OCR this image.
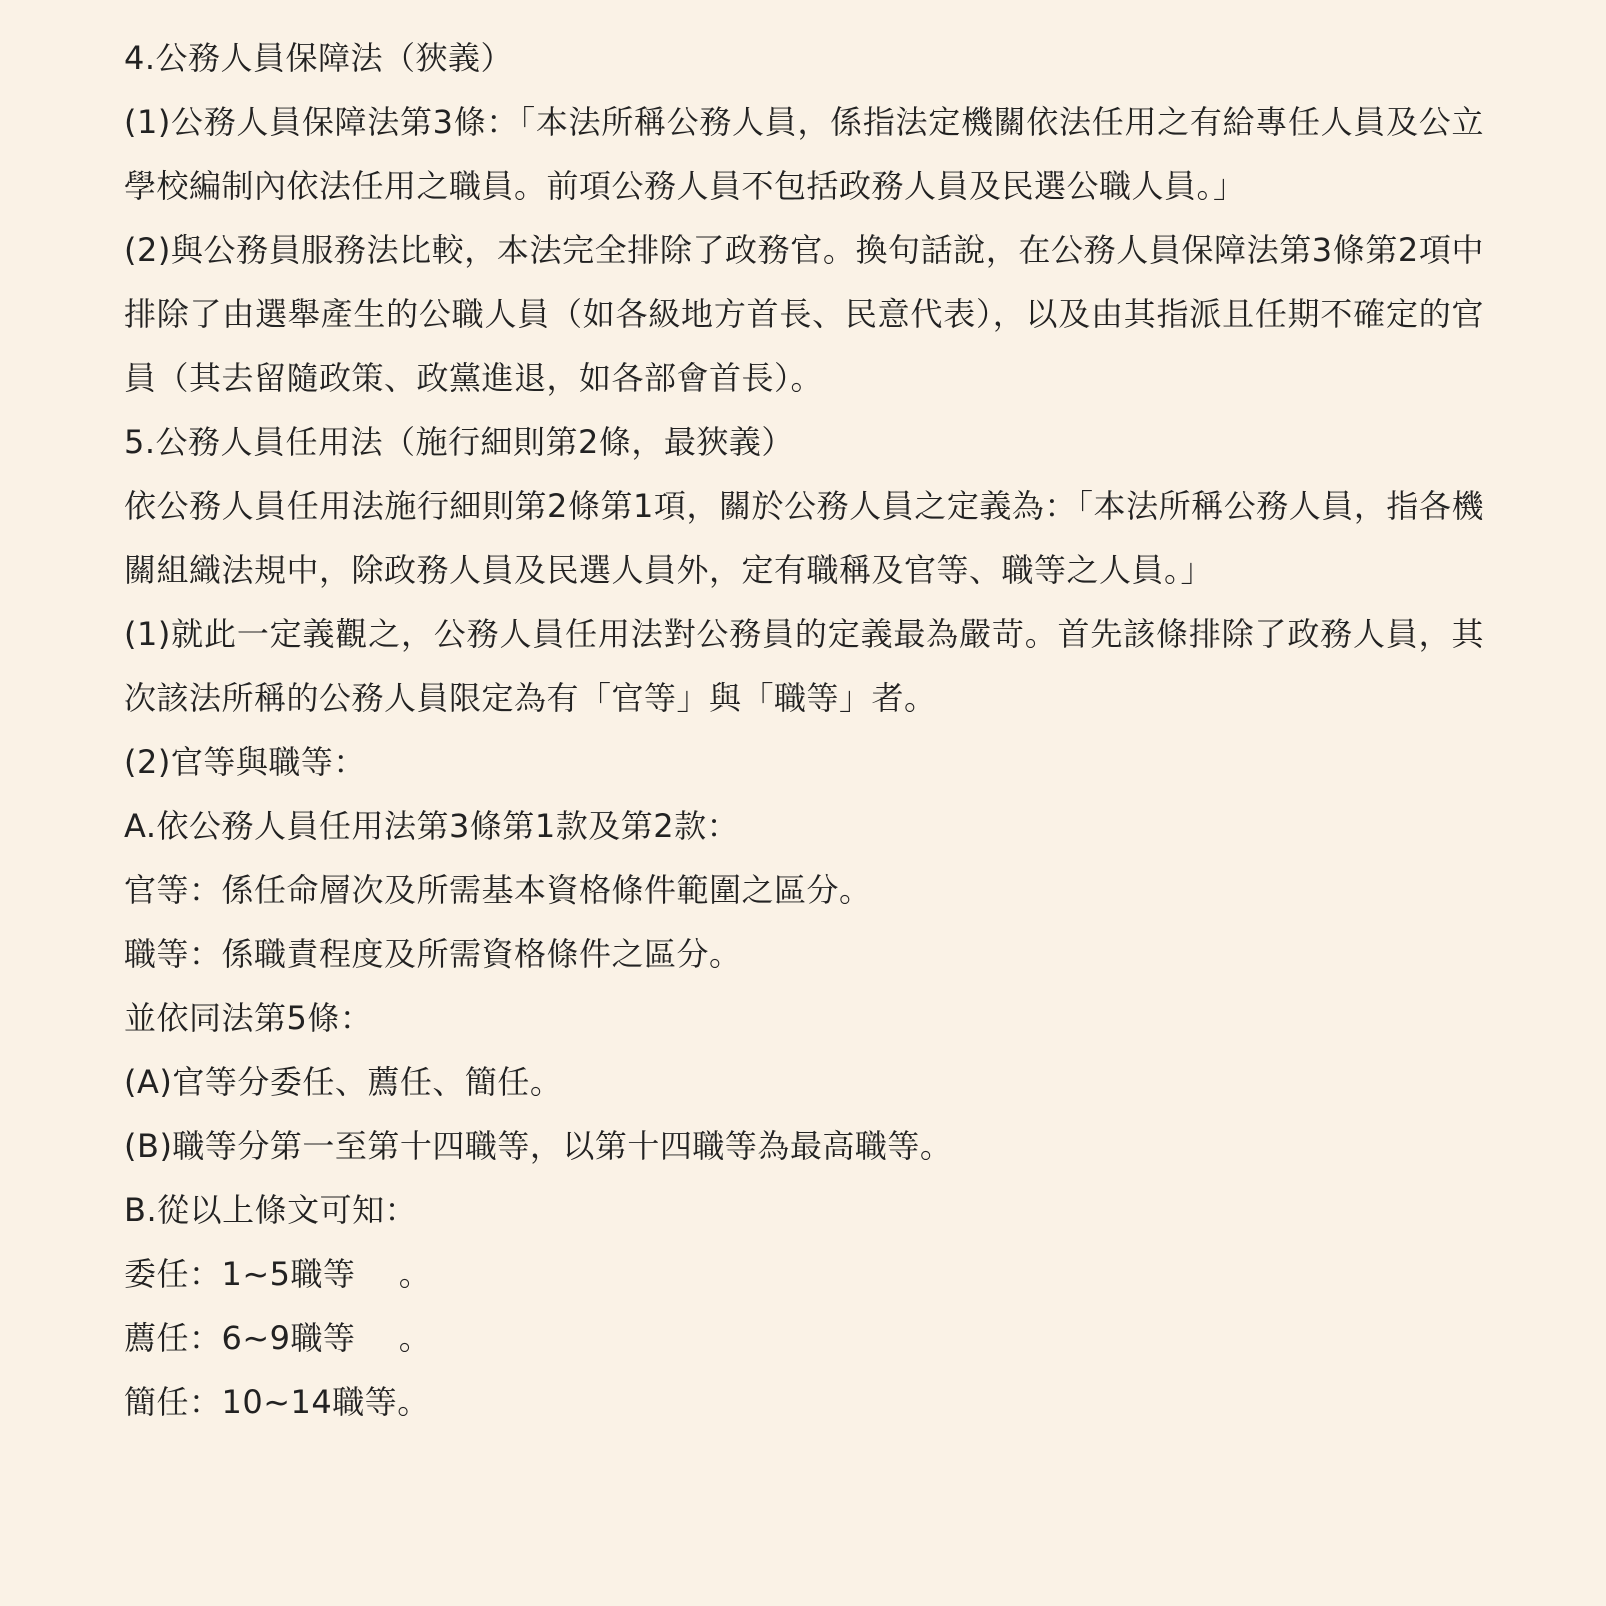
4.公務人員保障法（狹義）

(1)公務人員保障法第3條：「本法所稱公務人員，係指法定機關依法任用之有給專任人員及公立學校編制內依法任用之職員。前項公務人員不包括政務人員及民選公職人員。」

(2)與公務員服務法比較，本法完全排除了政務官。換句話說，在公務人員保障法第3條第2項中排除了由選舉產生的公職人員（如各級地方首長、民意代表），以及由其指派且任期不確定的官員（其去留隨政策、政黨進退，如各部會首長）。

5.公務人員任用法（施行細則第2條，最狹義）

依公務人員任用法施行細則第2條第1項，關於公務人員之定義為：「本法所稱公務人員，指各機關組織法規中，除政務人員及民選人員外，定有職稱及官等、職等之人員。」

(1)就此一定義觀之，公務人員任用法對公務員的定義最為嚴苛。首先該條排除了政務人員，其次該法所稱的公務人員限定為有「官等」與「職等」者。

(2)官等與職等：

A.依公務人員任用法第3條第1款及第2款：

官等：係任命層次及所需基本資格條件範圍之區分。

職等：係職責程度及所需資格條件之區分。

並依同法第5條：

(A)官等分委任、薦任、簡任。

(B)職等分第一至第十四職等，以第十四職等為最高職等。

B.從以上條文可知：

委任：1~5職等　 。

薦任：6~9職等　 。

簡任：10~14職等。
